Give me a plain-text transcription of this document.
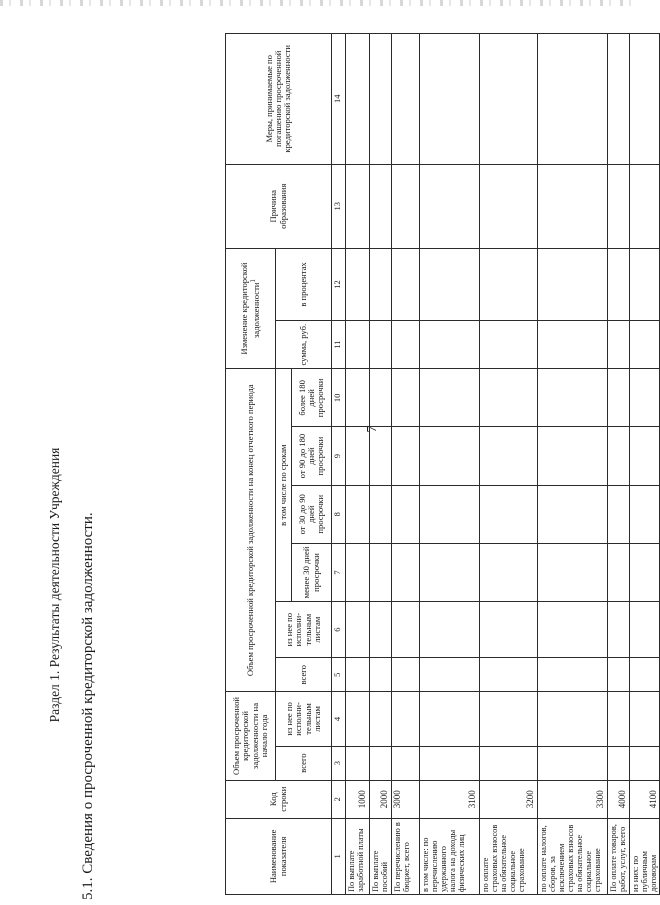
7
Раздел 1. Результаты деятельности Учреждения 5.1. Сведения о просроченной кредиторской задолженности.	Наименование показателя	Код строки	Объем просроченной кредиторской задолженности на начало года		Объем просроченной кредиторской задолженности на конец отчетного периода						Изменение кредиторской задолженности$^1$		Причина образования	Меры, принимаемые по погашению просроченной кредиторской задолженности
		всего	из нее по исполни-тельным листам	всего	из нее по исполни-тельным листам	в том числе по срокам				сумма, руб.	в процентах		
						менее 30 дней просрочки	от 30 до 90 дней просрочки	от 90 до 180 дней просрочки	более 180 дней просрочки				
1	2	3	4	5	6	7	8	9	10	11	12	13	14
По выплате заработной платы	1000												
По выплате пособий	2000												
По перечислению в бюджет, всего	3000												
в том числе: по перечислению удержанного налога на доходы физических лиц	3100												
по оплате страховых взносов на обязательное социальное страхование	3200												
по оплате налогов, сборов, за исключением страховых взносов на обязательное социальное страхование	3300												
По оплате товаров, работ, услуг, всего	4000												
из них: по публичным договорам	4100												
